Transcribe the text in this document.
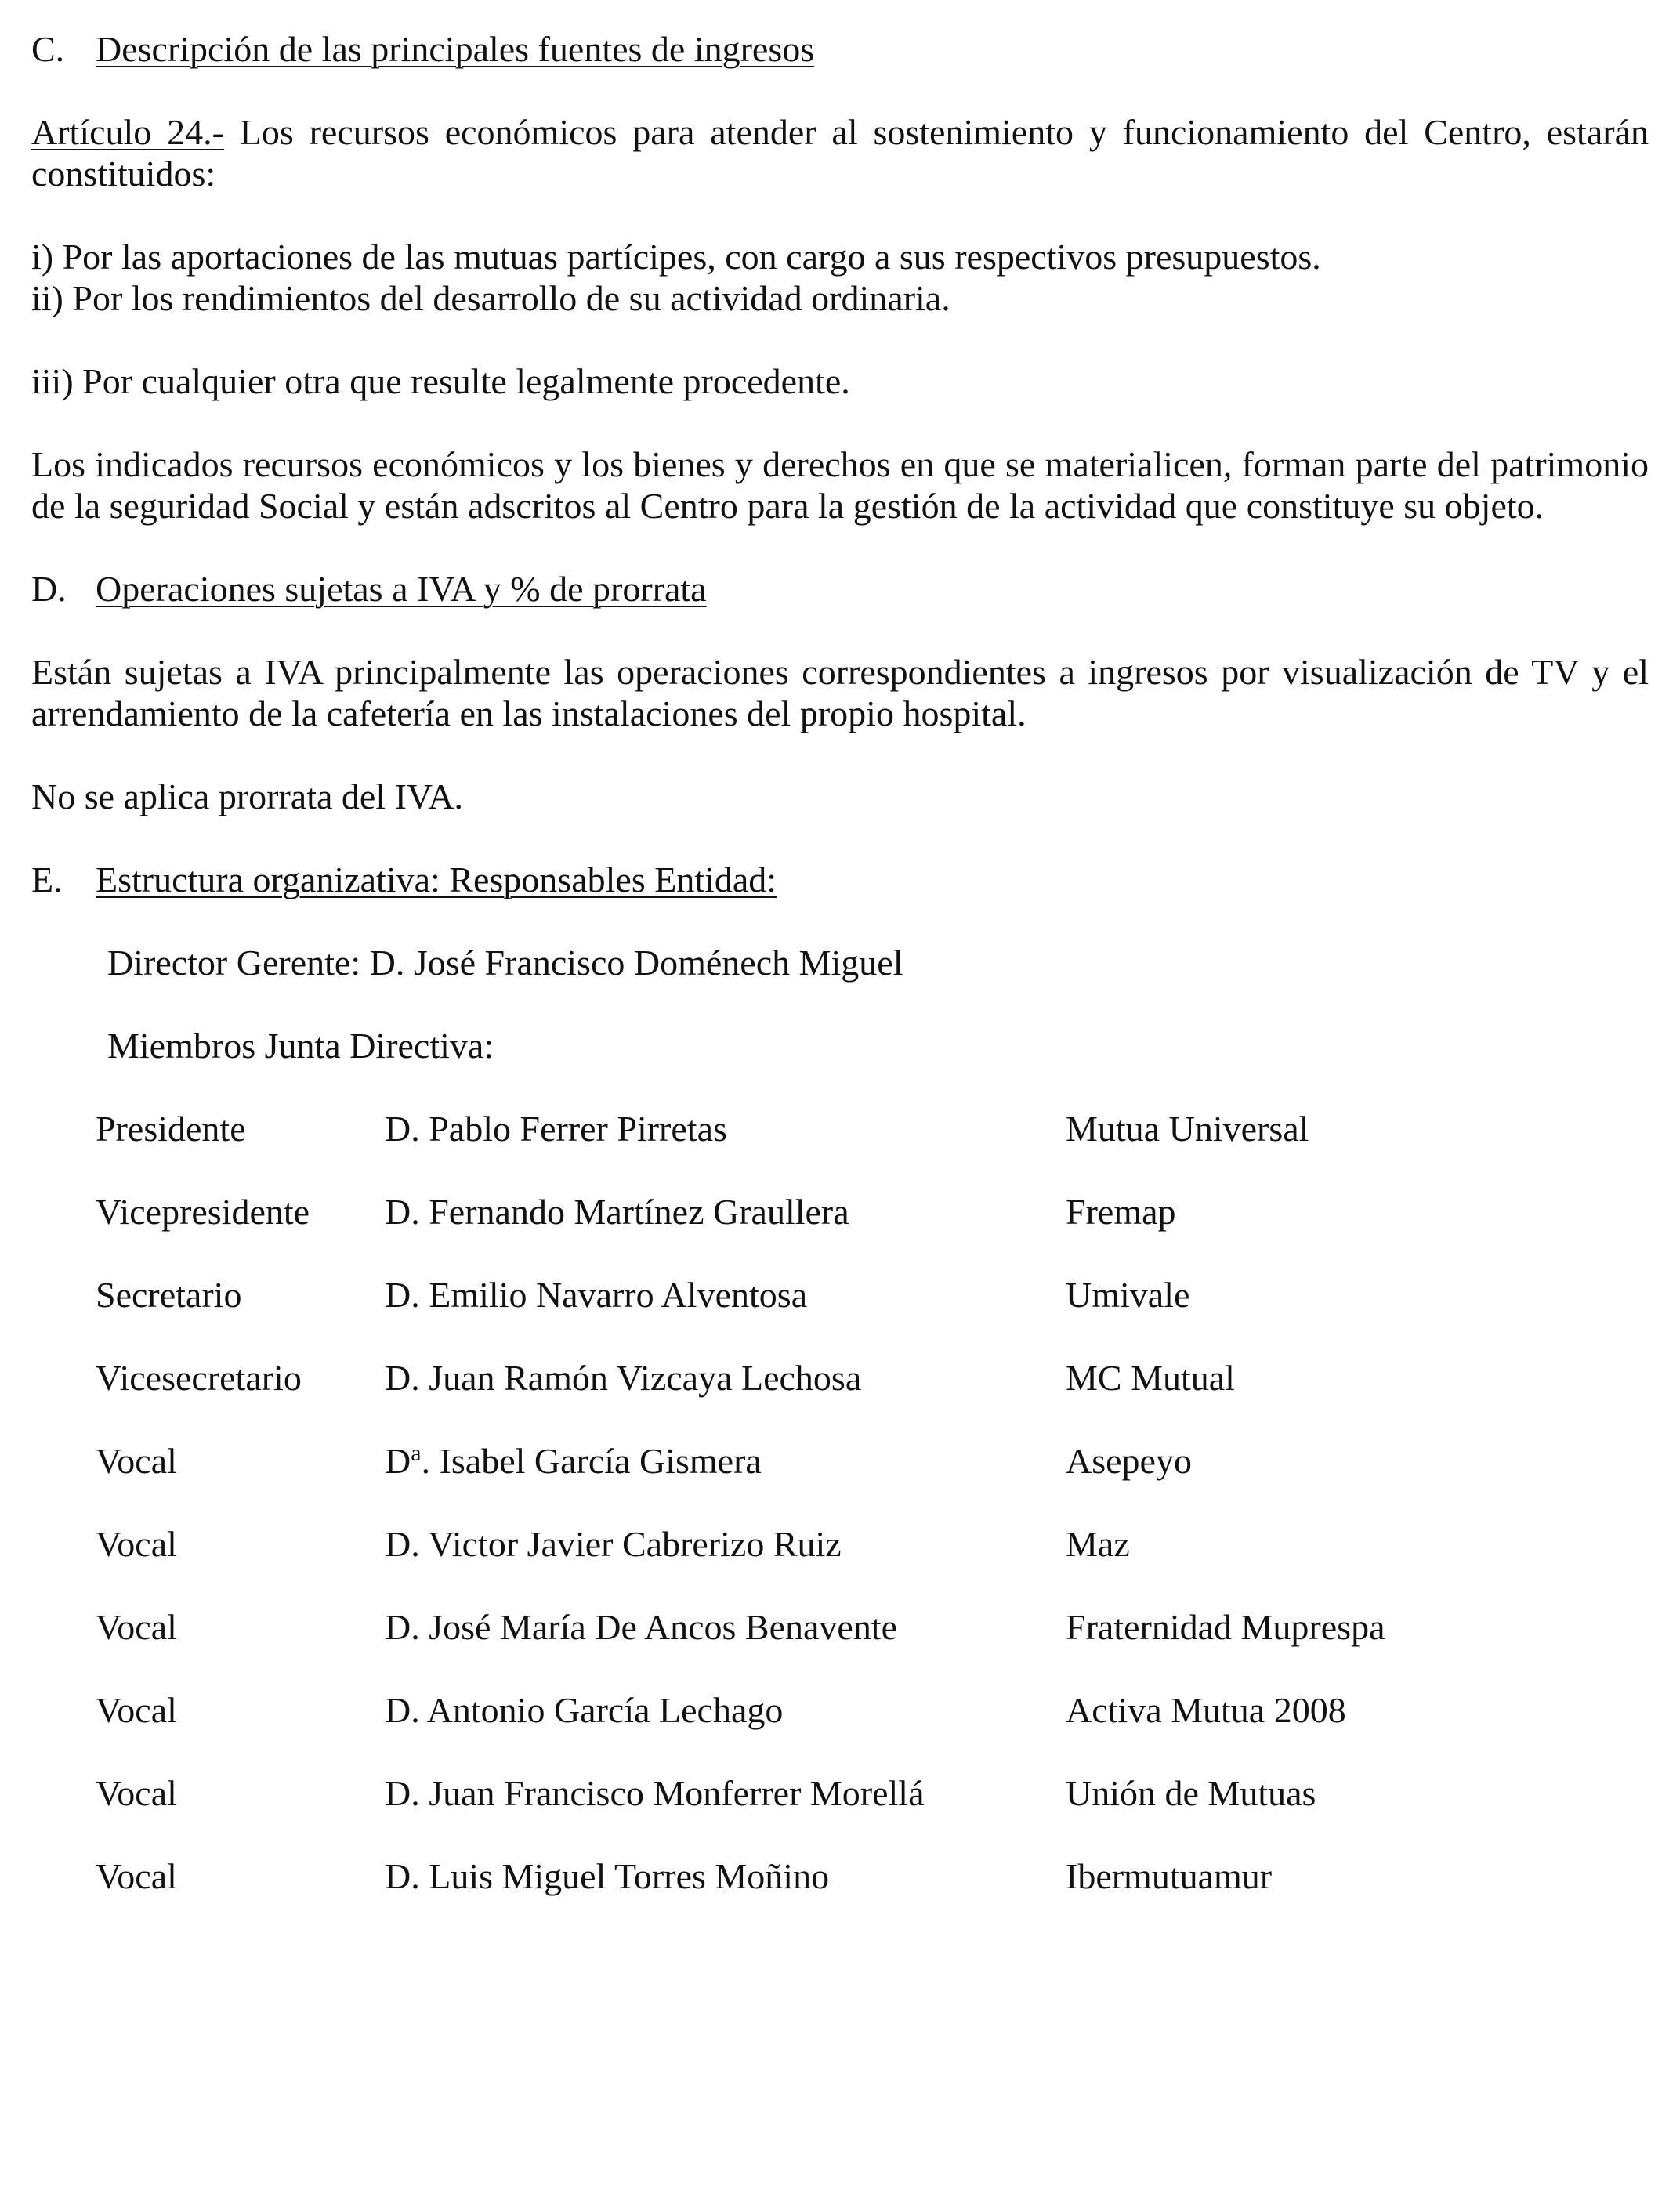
C. Descripción de las principales fuentes de ingresos

Artículo 24.- Los recursos económicos para atender al sostenimiento y funcionamiento del Centro, estarán constituidos:

i) Por las aportaciones de las mutuas partícipes, con cargo a sus respectivos presupuestos.

ii) Por los rendimientos del desarrollo de su actividad ordinaria.

iii) Por cualquier otra que resulte legalmente procedente.

Los indicados recursos económicos y los bienes y derechos en que se materialicen, forman parte del patrimonio de la seguridad Social y están adscritos al Centro para la gestión de la actividad que constituye su objeto.

D. Operaciones sujetas a IVA y % de prorrata

Están sujetas a IVA principalmente las operaciones correspondientes a ingresos por visualización de TV y el arrendamiento de la cafetería en las instalaciones del propio hospital.

No se aplica prorrata del IVA.

E. Estructura organizativa: Responsables Entidad:

Director Gerente: D. José Francisco Doménech Miguel

Miembros Junta Directiva:

Presidente	D. Pablo Ferrer Pirretas	Mutua Universal
Vicepresidente	D. Fernando Martínez Graullera	Fremap
Secretario	D. Emilio Navarro Alventosa	Umivale
Vicesecretario	D. Juan Ramón Vizcaya Lechosa	MC Mutual
Vocal	$D^a$. Isabel García Gismera	Asepeyo
Vocal	D. Victor Javier Cabrerizo Ruiz	Maz
Vocal	D. José María De Ancos Benavente	Fraternidad Muprespa
Vocal	D. Antonio García Lechago	Activa Mutua 2008
Vocal	D. Juan Francisco Monferrer Morellá	Unión de Mutuas
Vocal	D. Luis Miguel Torres Moñino	Ibermutuamur
